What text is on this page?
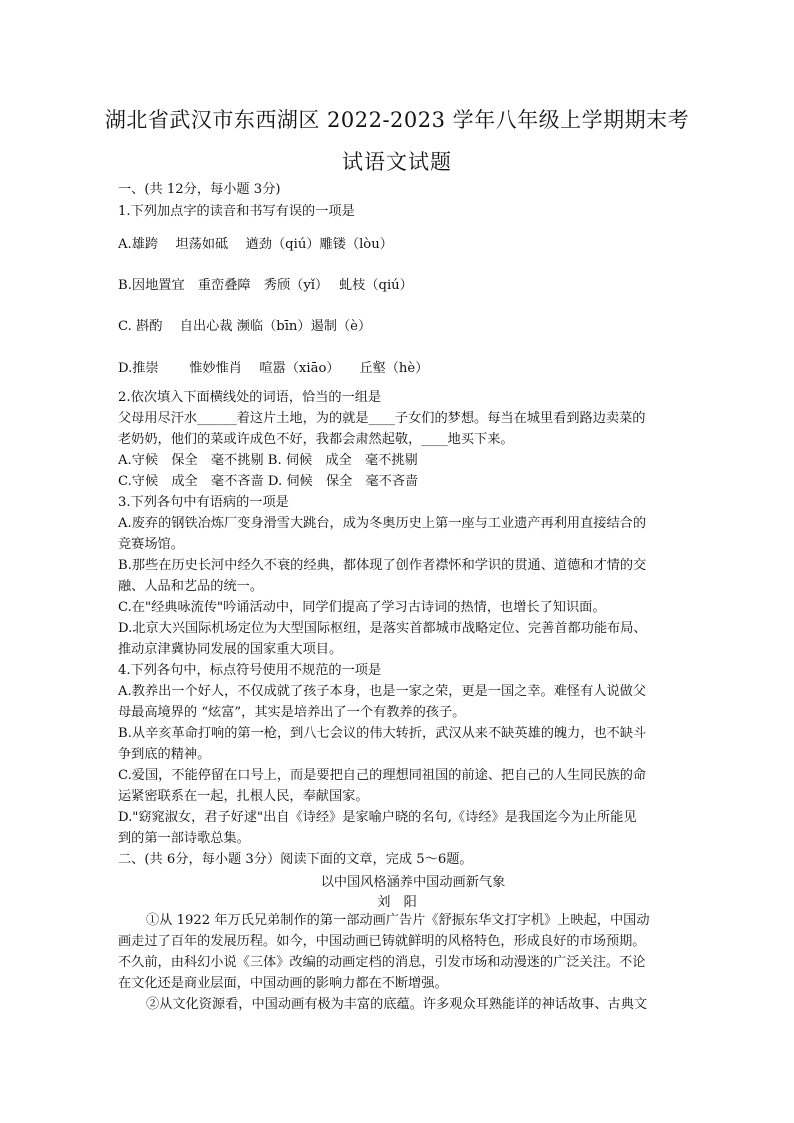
湖北省武汉市东西湖区 2022-2023 学年八年级上学期期末考
试语文试题
一、(共 12分，每小题 3分)
1.下列加点字的读音和书写有误的一项是
A.雄跨　 坦荡如砥　 遒劲（qiú）雕镂（lòu）
B.因地置宜　重峦叠障　秀颀（yǐ）　 虬枝（qiú）
C. 斟酌　 自出心裁 濒临（bīn）遏制（è）
D.推崇　　 惟妙惟肖　 喧嚣（xiāo）　　丘壑（hè）
2.依次填入下面横线处的词语，恰当的一组是
父母用尽汗水______着这片土地，为的就是____子女们的梦想。每当在城里看到路边卖菜的
老奶奶，他们的菜或许成色不好，我都会肃然起敬，____地买下来。
A.守候　保全　毫不挑剔 B. 伺候　成全　毫不挑剔
C.守候　成全　毫不吝啬 D. 伺候　保全　毫不吝啬
3.下列各句中有语病的一项是
A.废弃的钢铁冶炼厂变身滑雪大跳台，成为冬奥历史上第一座与工业遗产再利用直接结合的
竞赛场馆。
B.那些在历史长河中经久不衰的经典，都体现了创作者襟怀和学识的贯通、道德和才情的交
融、人品和艺品的统一。
C.在"经典咏流传"吟诵活动中，同学们提高了学习古诗词的热情，也增长了知识面。
D.北京大兴国际机场定位为大型国际枢纽，是落实首都城市战略定位、完善首都功能布局、
推动京津冀协同发展的国家重大项目。
4.下列各句中，标点符号使用不规范的一项是
A.教养出一个好人，不仅成就了孩子本身，也是一家之荣，更是一国之幸。难怪有人说做父
母最高境界的 “炫富”，其实是培养出了一个有教养的孩子。
B.从辛亥革命打响的第一枪，到八七会议的伟大转折，武汉从来不缺英雄的魄力，也不缺斗
争到底的精神。
C.爱国，不能停留在口号上，而是要把自己的理想同祖国的前途、把自己的人生同民族的命
运紧密联系在一起，扎根人民，奉献国家。
D."窈窕淑女，君子好逑"出自《诗经》是家喻户晓的名句,《诗经》是我国迄今为止所能见
到的第一部诗歌总集。
二、(共 6分，每小题 3分）阅读下面的文章，完成 5～6题。
以中国风格涵养中国动画新气象
刘　阳
①从 1922 年万氏兄弟制作的第一部动画广告片《舒振东华文打字机》上映起，中国动
画走过了百年的发展历程。如今，中国动画已铸就鲜明的风格特色，形成良好的市场预期。
不久前，由科幻小说《三体》改编的动画定档的消息，引发市场和动漫迷的广泛关注。不论
在文化还是商业层面，中国动画的影响力都在不断增强。
②从文化资源看，中国动画有极为丰富的底蕴。许多观众耳熟能详的神话故事、古典文
